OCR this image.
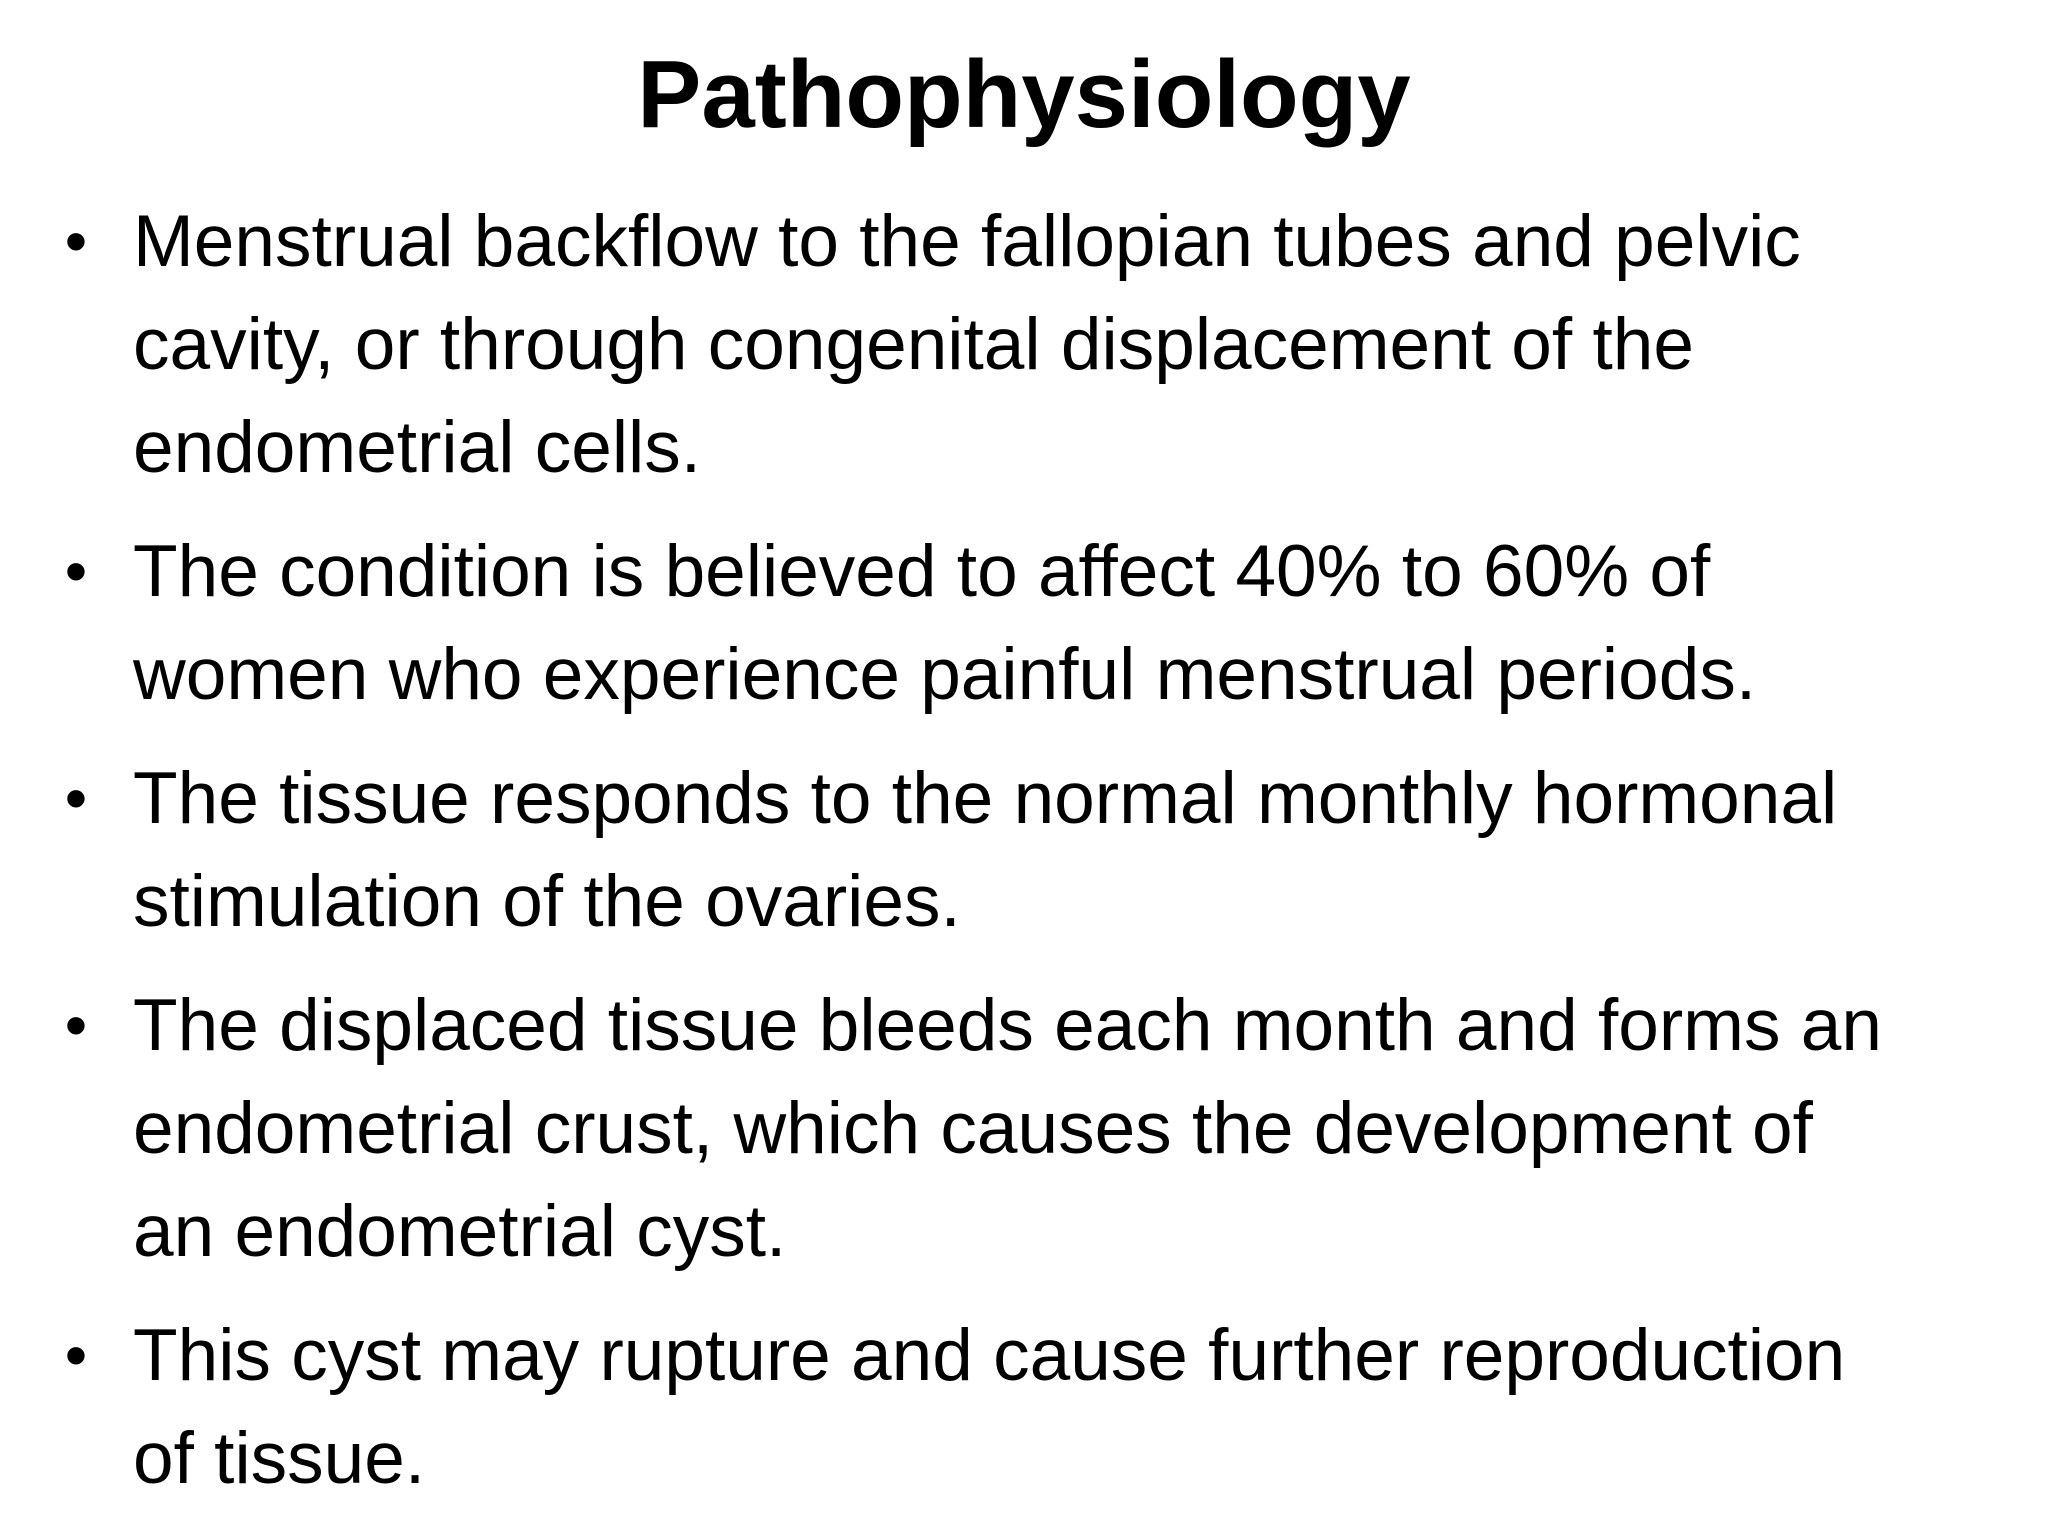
Pathophysiology
• Menstrual backflow to the fallopian tubes and pelvic
cavity, or through congenital displacement of the
endometrial cells.
• The condition is believed to affect 40% to 60% of
women who experience painful menstrual periods.
• The tissue responds to the normal monthly hormonal
stimulation of the ovaries.
• The displaced tissue bleeds each month and forms an
endometrial crust, which causes the development of
an endometrial cyst.
• This cyst may rupture and cause further reproduction
of tissue.
